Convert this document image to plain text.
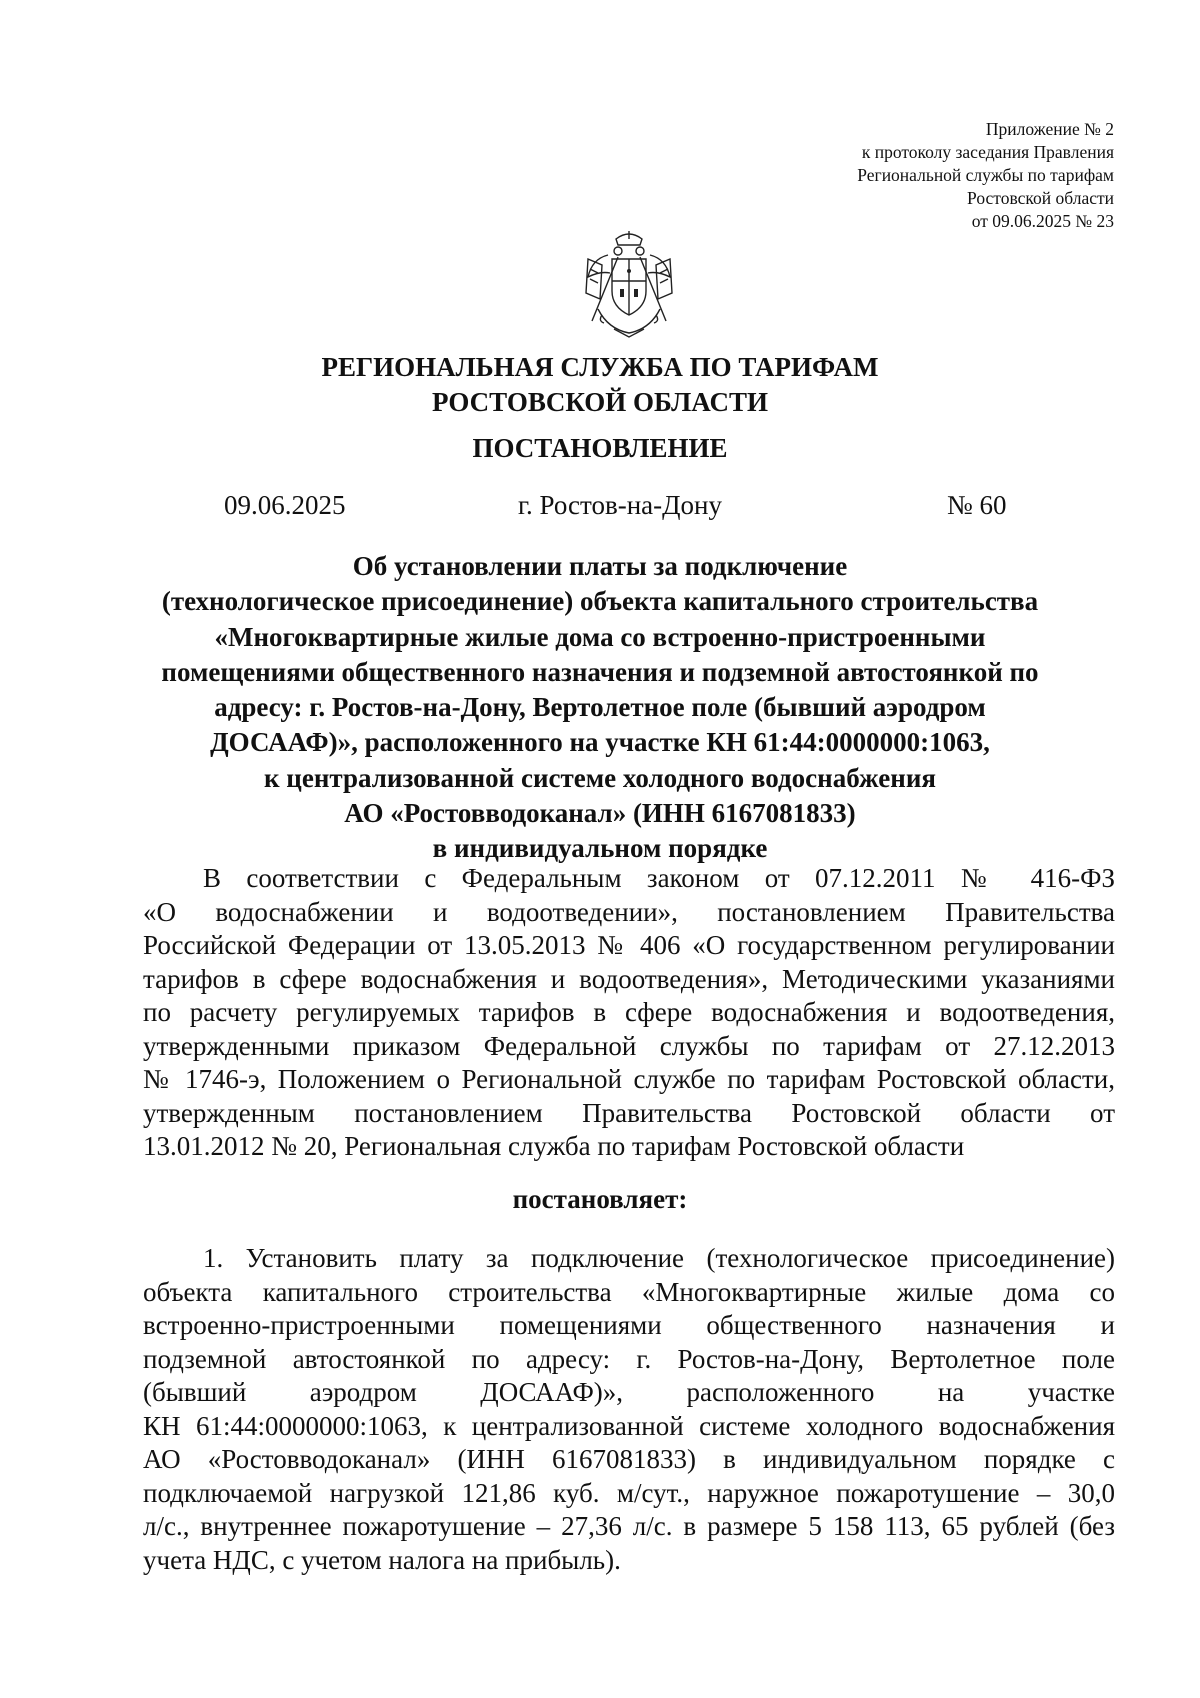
Приложение № 2
к протоколу заседания Правления
Региональной службы по тарифам
Ростовской области
от 09.06.2025 № 23
РЕГИОНАЛЬНАЯ СЛУЖБА ПО ТАРИФАМ
РОСТОВСКОЙ ОБЛАСТИ
ПОСТАНОВЛЕНИЕ
09.06.2025	г. Ростов-на-Дону	№ 60
Об установлении платы за подключение
(технологическое присоединение) объекта капитального строительства
«Многоквартирные жилые дома со встроенно-пристроенными
помещениями общественного назначения и подземной автостоянкой по
адресу: г. Ростов-на-Дону, Вертолетное поле (бывший аэродром
ДОСААФ)», расположенного на участке КН 61:44:0000000:1063,
к централизованной системе холодного водоснабжения
АО «Ростовводоканал» (ИНН 6167081833)
в индивидуальном порядке
В соответствии с Федеральным законом от 07.12.2011 № 416-ФЗ
«О водоснабжении и водоотведении», постановлением Правительства
Российской Федерации от 13.05.2013 № 406 «О государственном регулировании
тарифов в сфере водоснабжения и водоотведения», Методическими указаниями
по расчету регулируемых тарифов в сфере водоснабжения и водоотведения,
утвержденными приказом Федеральной службы по тарифам от 27.12.2013
№ 1746-э, Положением о Региональной службе по тарифам Ростовской области,
утвержденным постановлением Правительства Ростовской области от
13.01.2012 № 20, Региональная служба по тарифам Ростовской области
постановляет:
1. Установить плату за подключение (технологическое присоединение)
объекта капитального строительства «Многоквартирные жилые дома со
встроенно-пристроенными помещениями общественного назначения и
подземной автостоянкой по адресу: г. Ростов-на-Дону, Вертолетное поле
(бывший аэродром ДОСААФ)», расположенного на участке
КН 61:44:0000000:1063, к централизованной системе холодного водоснабжения
АО «Ростовводоканал» (ИНН 6167081833) в индивидуальном порядке с
подключаемой нагрузкой 121,86 куб. м/сут., наружное пожаротушение – 30,0
л/с., внутреннее пожаротушение – 27,36 л/с. в размере 5 158 113, 65 рублей (без
учета НДС, с учетом налога на прибыль).
